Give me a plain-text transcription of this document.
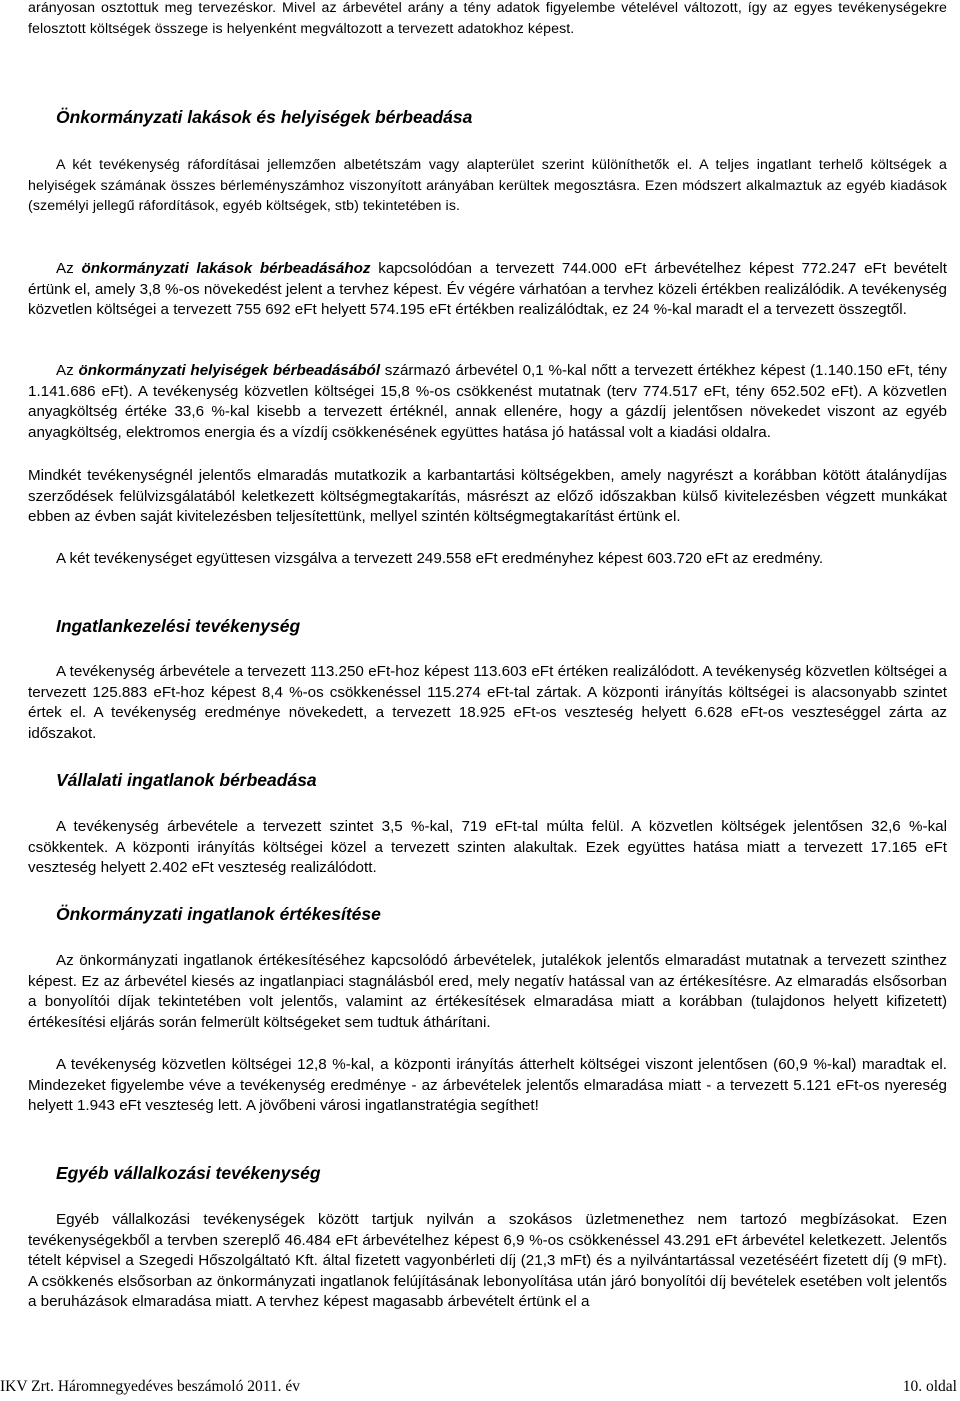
arányosan osztottuk meg tervezéskor. Mivel az árbevétel arány a tény adatok figyelembe vételével változott, így az egyes tevékenységekre felosztott költségek összege is helyenként megváltozott a tervezett adatokhoz képest.

Önkormányzati lakások és helyiségek bérbeadása

A két tevékenység ráfordításai jellemzően albetétszám vagy alapterület szerint különíthetők el. A teljes ingatlant terhelő költségek a helyiségek számának összes bérleményszámhoz viszonyított arányában kerültek megosztásra. Ezen módszert alkalmaztuk az egyéb kiadások (személyi jellegű ráfordítások, egyéb költségek, stb) tekintetében is.

Az önkormányzati lakások bérbeadásához kapcsolódóan a tervezett 744.000 eFt árbevételhez képest 772.247 eFt bevételt értünk el, amely 3,8 %-os növekedést jelent a tervhez képest. Év végére várhatóan a tervhez közeli értékben realizálódik. A tevékenység közvetlen költségei a tervezett 755 692 eFt helyett 574.195 eFt értékben realizálódtak, ez 24 %-kal maradt el a tervezett összegtől.

Az önkormányzati helyiségek bérbeadásából származó árbevétel 0,1 %-kal nőtt a tervezett értékhez képest (1.140.150 eFt, tény 1.141.686 eFt). A tevékenység közvetlen költségei 15,8 %-os csökkenést mutatnak (terv 774.517 eFt, tény 652.502 eFt). A közvetlen anyagköltség értéke 33,6 %-kal kisebb a tervezett értéknél, annak ellenére, hogy a gázdíj jelentősen növekedet viszont az egyéb anyagköltség, elektromos energia és a vízdíj csökkenésének együttes hatása jó hatással volt a kiadási oldalra.

Mindkét tevékenységnél jelentős elmaradás mutatkozik a karbantartási költségekben, amely nagyrészt a korábban kötött átalánydíjas szerződések felülvizsgálatából keletkezett költségmegtakarítás, másrészt az előző időszakban külső kivitelezésben végzett munkákat ebben az évben saját kivitelezésben teljesítettünk, mellyel szintén költségmegtakarítást értünk el.

A két tevékenységet együttesen vizsgálva a tervezett 249.558 eFt eredményhez képest 603.720 eFt az eredmény.

Ingatlankezelési tevékenység

A tevékenység árbevétele a tervezett 113.250 eFt-hoz képest 113.603 eFt értéken realizálódott. A tevékenység közvetlen költségei a tervezett 125.883 eFt-hoz képest 8,4 %-os csökkenéssel 115.274 eFt-tal zártak. A központi irányítás költségei is alacsonyabb szintet értek el. A tevékenység eredménye növekedett, a tervezett 18.925 eFt-os veszteség helyett 6.628 eFt-os veszteséggel zárta az időszakot.

Vállalati ingatlanok bérbeadása

A tevékenység árbevétele a tervezett szintet 3,5 %-kal, 719 eFt-tal múlta felül. A közvetlen költségek jelentősen 32,6 %-kal csökkentek. A központi irányítás költségei közel a tervezett szinten alakultak. Ezek együttes hatása miatt a tervezett 17.165 eFt veszteség helyett 2.402 eFt veszteség realizálódott.

Önkormányzati ingatlanok értékesítése

Az önkormányzati ingatlanok értékesítéséhez kapcsolódó árbevételek, jutalékok jelentős elmaradást mutatnak a tervezett szinthez képest. Ez az árbevétel kiesés az ingatlanpiaci stagnálásból ered, mely negatív hatással van az értékesítésre. Az elmaradás elsősorban a bonyolítói díjak tekintetében volt jelentős, valamint az értékesítések elmaradása miatt a korábban (tulajdonos helyett kifizetett) értékesítési eljárás során felmerült költségeket sem tudtuk áthárítani.

A tevékenység közvetlen költségei 12,8 %-kal, a központi irányítás átterhelt költségei viszont jelentősen (60,9 %-kal) maradtak el. Mindezeket figyelembe véve a tevékenység eredménye - az árbevételek jelentős elmaradása miatt - a tervezett 5.121 eFt-os nyereség helyett 1.943 eFt veszteség lett. A jövőbeni városi ingatlanstratégia segíthet!

Egyéb vállalkozási tevékenység

Egyéb vállalkozási tevékenységek között tartjuk nyilván a szokásos üzletmenethez nem tartozó megbízásokat. Ezen tevékenységekből a tervben szereplő 46.484 eFt árbevételhez képest 6,9 %-os csökkenéssel 43.291 eFt árbevétel keletkezett. Jelentős tételt képvisel a Szegedi Hőszolgáltató Kft. által fizetett vagyonbérleti díj (21,3 mFt) és a nyilvántartással vezetéséért fizetett díj (9 mFt). A csökkenés elsősorban az önkormányzati ingatlanok felújításának lebonyolítása után járó bonyolítói díj bevételek esetében volt jelentős a beruházások elmaradása miatt. A tervhez képest magasabb árbevételt értünk el a

IKV Zrt. Háromnegyedéves beszámoló 2011. év	10. oldal
